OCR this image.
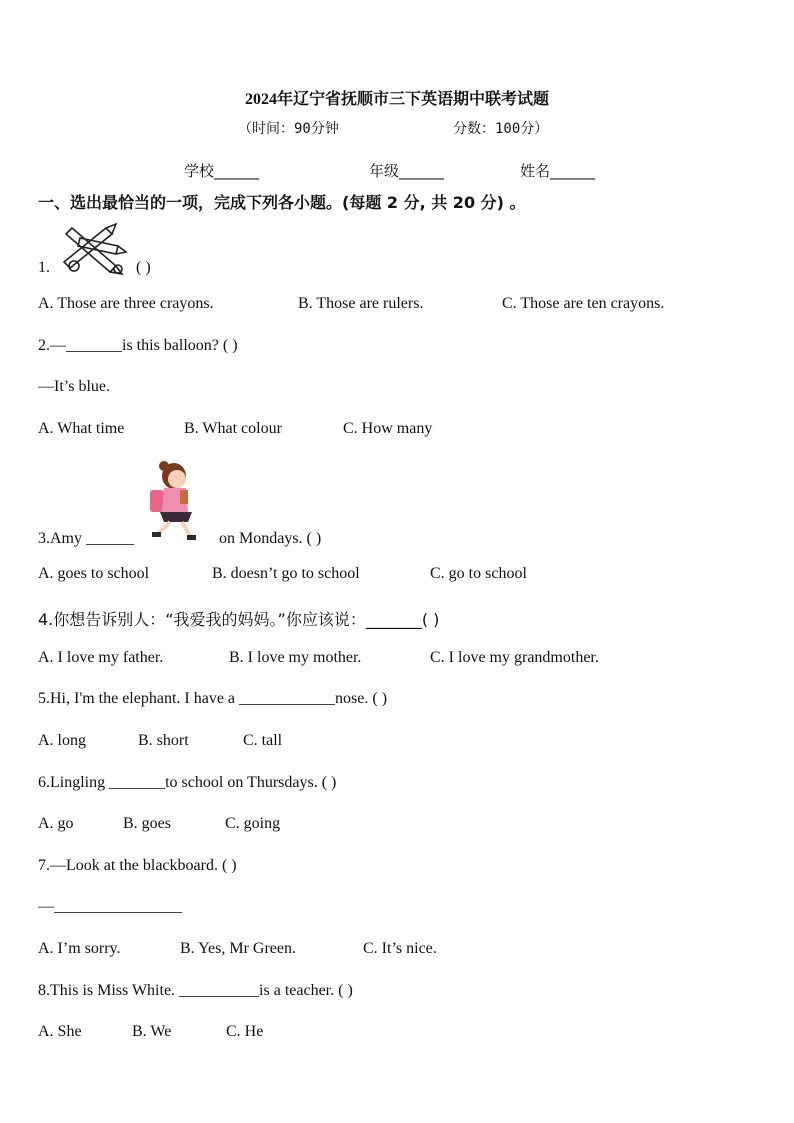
2024年辽宁省抚顺市三下英语期中联考试题
（时间：90分钟	分数：100分）
学校______	年级______	姓名______
一、选出最恰当的一项，完成下列各小题。(每题 2 分, 共 20 分) 。
1.	( )
A. Those are three crayons.	B. Those are rulers.	C. Those are ten crayons.
2.—_______is this balloon? ( )
—It’s blue.
A. What time	B. What colour	C. How many
3.Amy ______	on Mondays. ( )
A. goes to school	B. doesn’t go to school	C. go to school
4.你想告诉别人：“我爱我的妈妈。”你应该说：_______( )
A. I love my father.	B. I love my mother.	C. I love my grandmother.
5.Hi, I'm the elephant. I have a ____________nose. ( )
A. long	B. short	C. tall
6.Lingling _______to school on Thursdays. ( )
A. go	B. goes	C. going
7.—Look at the blackboard. ( )
—________________
A. I’m sorry.	B. Yes, Mr Green.	C. It’s nice.
8.This is Miss White. __________is a teacher. ( )
A. She	B. We	C. He
